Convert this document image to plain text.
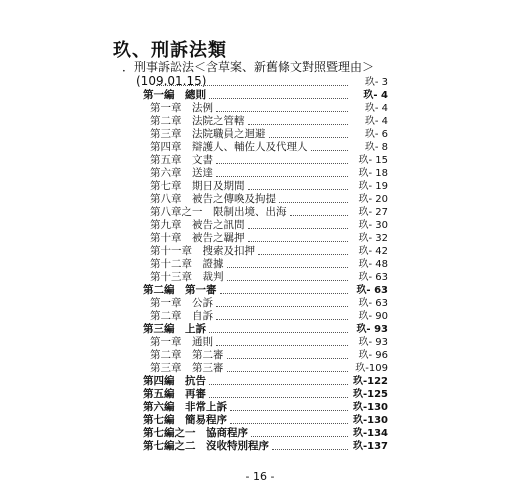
玖、刑訴法類
．刑事訴訟法＜含草案、新舊條文對照暨理由＞
(109.01.15)	玖- 3
第一編　總則	玖- 4
第一章　法例	玖- 4
第二章　法院之管轄	玖- 4
第三章　法院職員之迴避	玖- 6
第四章　辯護人、輔佐人及代理人	玖- 8
第五章　文書	玖- 15
第六章　送達	玖- 18
第七章　期日及期間	玖- 19
第八章　被告之傳喚及拘提	玖- 20
第八章之一　限制出境、出海	玖- 27
第九章　被告之訊問	玖- 30
第十章　被告之羈押	玖- 32
第十一章　搜索及扣押	玖- 42
第十二章　證據	玖- 48
第十三章　裁判	玖- 63
第二編　第一審	玖- 63
第一章　公訴	玖- 63
第二章　自訴	玖- 90
第三編　上訴	玖- 93
第一章　通則	玖- 93
第二章　第二審	玖- 96
第三章　第三審	玖-109
第四編　抗告	玖-122
第五編　再審	玖-125
第六編　非常上訴	玖-130
第七編　簡易程序	玖-130
第七編之一　協商程序	玖-134
第七編之二　沒收特別程序	玖-137
- 16 -
